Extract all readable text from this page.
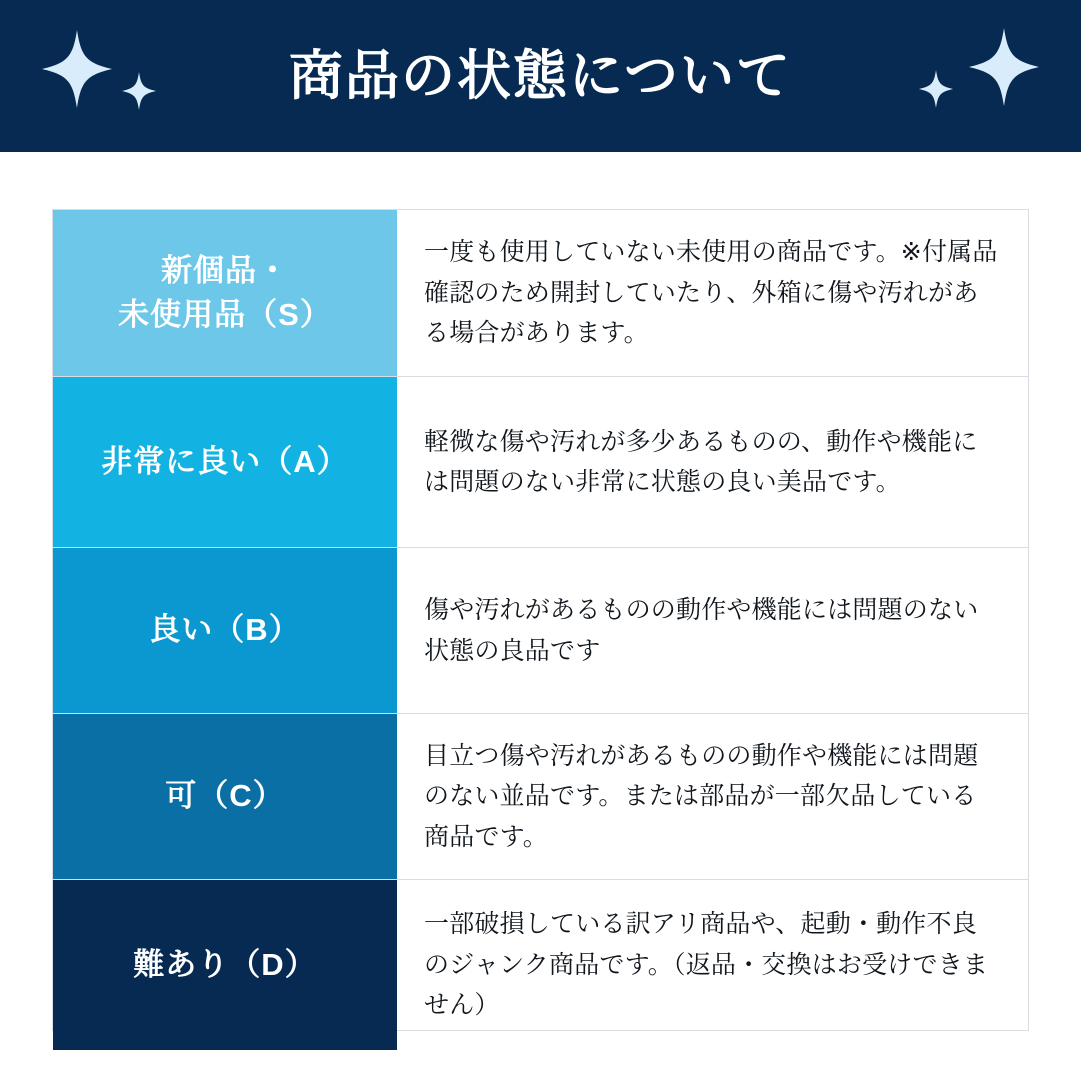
商品の状態について
新個品・
未使用品（S）
一度も使用していない未使用の商品です。※付属品確認のため開封していたり、外箱に傷や汚れがある場合があります。
非常に良い（A）
軽微な傷や汚れが多少あるものの、動作や機能には問題のない非常に状態の良い美品です。
良い（B）
傷や汚れがあるものの動作や機能には問題のない状態の良品です
可（C）
目立つ傷や汚れがあるものの動作や機能には問題のない並品です。または部品が一部欠品している商品です。
難あり（D）
一部破損している訳アリ商品や、起動・動作不良のジャンク商品です。（返品・交換はお受けできません）
